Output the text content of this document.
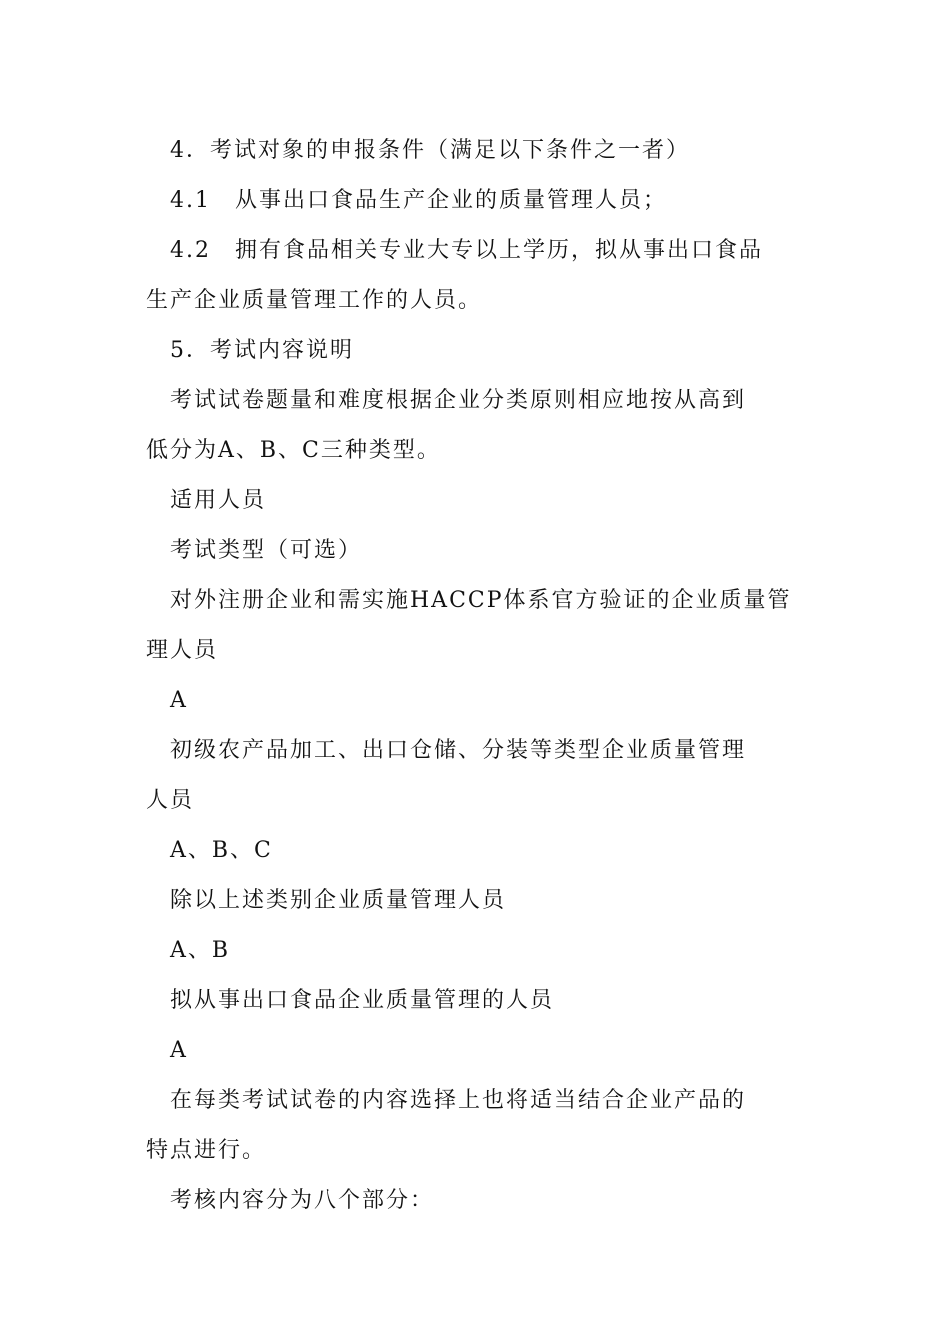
4．考试对象的申报条件（满足以下条件之一者）
4.1　从事出口食品生产企业的质量管理人员；
4.2　拥有食品相关专业大专以上学历，拟从事出口食品
生产企业质量管理工作的人员。
5．考试内容说明
考试试卷题量和难度根据企业分类原则相应地按从高到
低分为A、B、C三种类型。
适用人员
考试类型（可选）
对外注册企业和需实施HACCP体系官方验证的企业质量管
理人员
A
初级农产品加工、出口仓储、分装等类型企业质量管理
人员
A、B、C
除以上述类别企业质量管理人员
A、B
拟从事出口食品企业质量管理的人员
A
在每类考试试卷的内容选择上也将适当结合企业产品的
特点进行。
考核内容分为八个部分：
